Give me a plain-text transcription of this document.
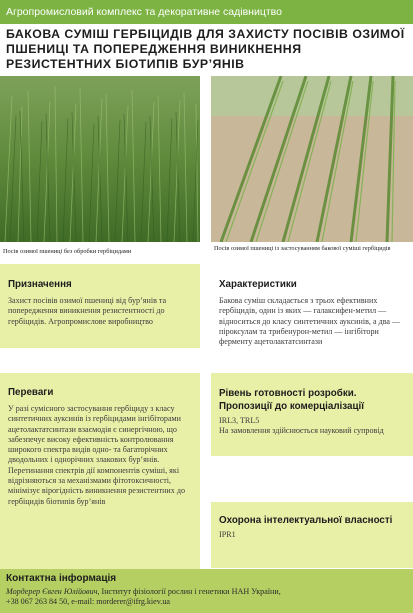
Агропромисловий комплекс та декоративне садівництво
БАКОВА СУМІШ ГЕРБІЦИДІВ ДЛЯ ЗАХИСТУ ПОСІВІВ ОЗИМОЇ ПШЕНИЦІ ТА ПОПЕРЕДЖЕННЯ ВИНИКНЕННЯ РЕЗИСТЕНТНИХ БІОТИПІВ БУР’ЯНІВ
Посів озимої пшениці без обробки гербіцидами	Посів озимої пшениці із застосуванням бакової суміші гербіцидів
Призначення
Захист посівів озимої пшениці від бур’янів та попередження виникнення резистентності до гербіцидів. Агропромислове виробництво
Характеристики
Бакова суміш складається з трьох ефективних гербіцидів, один із яких — галаксифен-метил — відноситься до класу синтетичних ауксинів, а два — піроксулам та трибенурон-метил — інгібітори ферменту ацетолактатсинтази
Переваги
У разі сумісного застосування гербіциду з класу синтетичних ауксинів із гербіцидами інгібіторами ацетолактатсинтази взаємодія є синергічною, що забезпечує високу ефективність контролювання широкого спектра видів одно- та багаторічних дводольних і однорічних злакових бур’янів. Перетинання спектрів дії компонентів суміші, які відрізняються за механізмами фітотоксичності, мінімізує вірогідність виникнення резистентних до гербіцидів біотипів бур’янів
Рівень готовності розробки. Пропозиції до комерціалізації
IRL3, TRL5
На замовлення здійснюється науковий супровід
Охорона інтелектуальної власності
IPR1
Контактна інформація
Мордерер Євген Юлійович, Інститут фізіології рослин і генетики НАН України,
+38 067 263 84 50, e-mail: morderer@ifrg.kiev.ua
